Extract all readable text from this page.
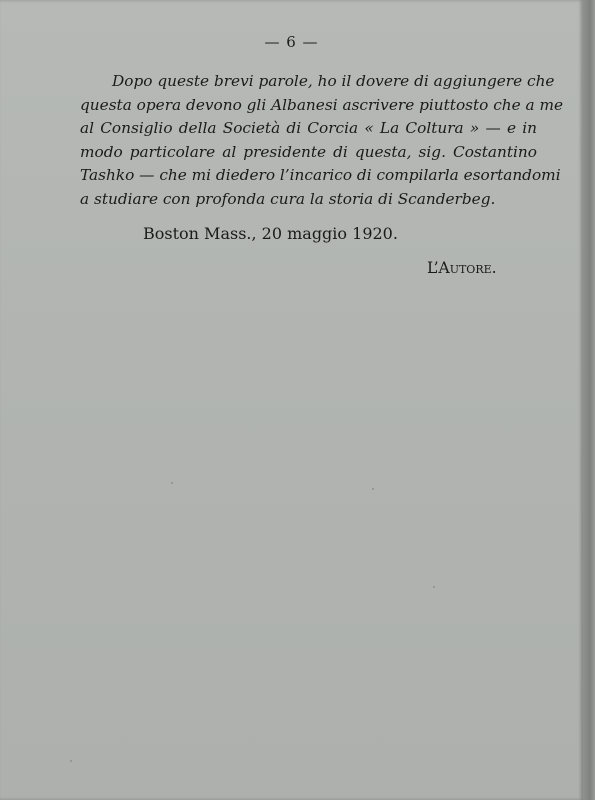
— 6 —
Dopo queste brevi parole, ho il dovere di aggiungere che
questa opera devono gli Albanesi ascrivere piuttosto che a me
al Consiglio della Società di Corcia « La Coltura » — e in
modo particolare al presidente di questa, sig. Costantino
Tashko — che mi diedero l’incarico di compilarla esortandomi
a studiare con profonda cura la storia di Scanderbeg.
Boston Mass., 20 maggio 1920.
L’Autore.
